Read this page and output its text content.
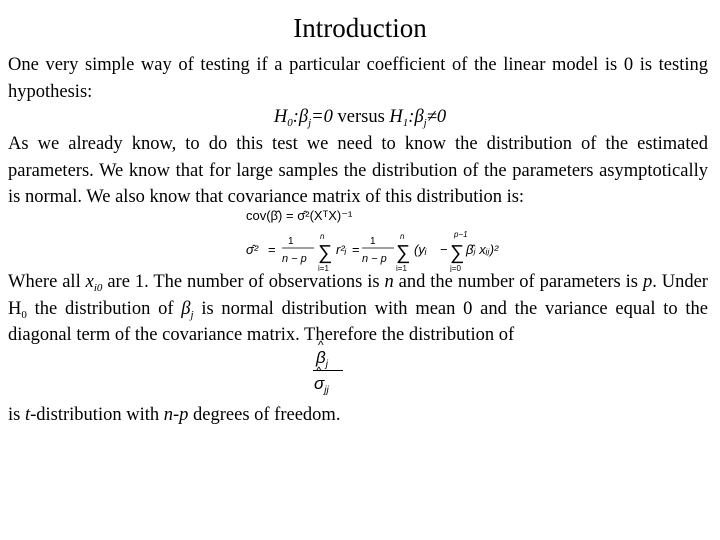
Introduction
One very simple way of testing if a particular coefficient of the linear model is 0 is testing hypothesis:
$H_0:\beta_j=0$ versus $H_1:\beta_j\ne 0$
As we already know, to do this test we need to know the distribution of the estimated parameters. We know that for large samples the distribution of the parameters asymptotically is normal. We also know that covariance matrix of this distribution is:
cov(β̂) = σ̂²(XᵀX)⁻¹
σ̂² =
1
n − p
n
∑
i=1
r²ᵢ =
1
n − p
n
∑
i=1
(yᵢ −
p−1
∑
j=0
β̂ⱼ xᵢⱼ)²
Where all $x_{i0}$ are 1. The number of observations is n and the number of parameters is p. Under $H_0$ the distribution of $\beta_j$ is normal distribution with mean 0 and the variance equal to the diagonal term of the covariance matrix. Therefore the distribution of
^ $\beta_j$
^ $\sigma_{jj}$
is t-distribution with n-p degrees of freedom.
